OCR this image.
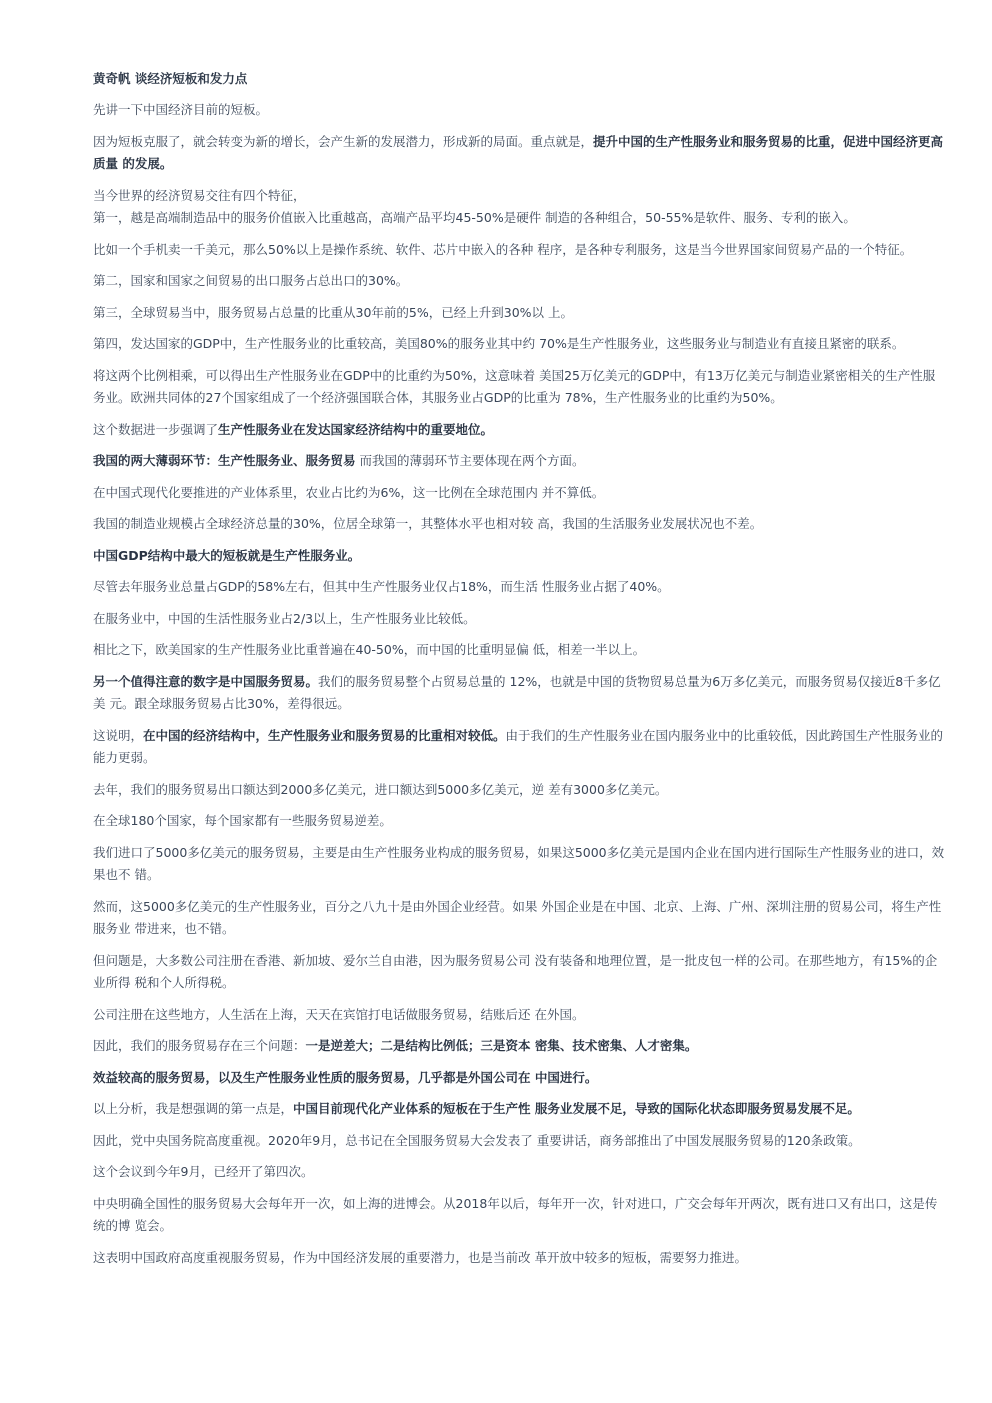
黄奇帆 谈经济短板和发力点

先讲一下中国经济目前的短板。

因为短板克服了，就会转变为新的增长，会产生新的发展潜力，形成新的局面。重点就是，提升中国的生产性服务业和服务贸易的比重，促进中国经济更高质量 的发展。

当今世界的经济贸易交往有四个特征，

第一，越是高端制造品中的服务价值嵌入比重越高，高端产品平均45-50%是硬件 制造的各种组合，50-55%是软件、服务、专利的嵌入。

比如一个手机卖一千美元，那么50%以上是操作系统、软件、芯片中嵌入的各种 程序，是各种专利服务，这是当今世界国家间贸易产品的一个特征。

第二，国家和国家之间贸易的出口服务占总出口的30%。

第三，全球贸易当中，服务贸易占总量的比重从30年前的5%，已经上升到30%以 上。

第四，发达国家的GDP中，生产性服务业的比重较高，美国80%的服务业其中约 70%是生产性服务业，这些服务业与制造业有直接且紧密的联系。

将这两个比例相乘，可以得出生产性服务业在GDP中的比重约为50%，这意味着 美国25万亿美元的GDP中，有13万亿美元与制造业紧密相关的生产性服务业。欧洲共同体的27个国家组成了一个经济强国联合体，其服务业占GDP的比重为 78%，生产性服务业的比重约为50%。

这个数据进一步强调了生产性服务业在发达国家经济结构中的重要地位。

我国的两大薄弱环节：生产性服务业、服务贸易 而我国的薄弱环节主要体现在两个方面。

在中国式现代化要推进的产业体系里，农业占比约为6%，这一比例在全球范围内 并不算低。

我国的制造业规模占全球经济总量的30%，位居全球第一，其整体水平也相对较 高，我国的生活服务业发展状况也不差。

中国GDP结构中最大的短板就是生产性服务业。

尽管去年服务业总量占GDP的58%左右，但其中生产性服务业仅占18%，而生活 性服务业占据了40%。

在服务业中，中国的生活性服务业占2/3以上，生产性服务业比较低。

相比之下，欧美国家的生产性服务业比重普遍在40-50%，而中国的比重明显偏 低，相差一半以上。

另一个值得注意的数字是中国服务贸易。我们的服务贸易整个占贸易总量的 12%，也就是中国的货物贸易总量为6万多亿美元，而服务贸易仅接近8千多亿美 元。跟全球服务贸易占比30%，差得很远。

这说明，在中国的经济结构中，生产性服务业和服务贸易的比重相对较低。由于我们的生产性服务业在国内服务业中的比重较低，因此跨国生产性服务业的 能力更弱。

去年，我们的服务贸易出口额达到2000多亿美元，进口额达到5000多亿美元，逆 差有3000多亿美元。

在全球180个国家，每个国家都有一些服务贸易逆差。

我们进口了5000多亿美元的服务贸易，主要是由生产性服务业构成的服务贸易，如果这5000多亿美元是国内企业在国内进行国际生产性服务业的进口，效果也不 错。

然而，这5000多亿美元的生产性服务业，百分之八九十是由外国企业经营。如果 外国企业是在中国、北京、上海、广州、深圳注册的贸易公司，将生产性服务业 带进来，也不错。

但问题是，大多数公司注册在香港、新加坡、爱尔兰自由港，因为服务贸易公司 没有装备和地理位置，是一批皮包一样的公司。在那些地方，有15%的企业所得 税和个人所得税。

公司注册在这些地方，人生活在上海，天天在宾馆打电话做服务贸易，结账后还 在外国。

因此，我们的服务贸易存在三个问题：一是逆差大；二是结构比例低；三是资本 密集、技术密集、人才密集。

效益较高的服务贸易，以及生产性服务业性质的服务贸易，几乎都是外国公司在 中国进行。

以上分析，我是想强调的第一点是，中国目前现代化产业体系的短板在于生产性 服务业发展不足，导致的国际化状态即服务贸易发展不足。

因此，党中央国务院高度重视。2020年9月，总书记在全国服务贸易大会发表了 重要讲话，商务部推出了中国发展服务贸易的120条政策。

这个会议到今年9月，已经开了第四次。

中央明确全国性的服务贸易大会每年开一次，如上海的进博会。从2018年以后，每年开一次，针对进口，广交会每年开两次，既有进口又有出口，这是传统的博 览会。

这表明中国政府高度重视服务贸易，作为中国经济发展的重要潜力，也是当前改 革开放中较多的短板，需要努力推进。
